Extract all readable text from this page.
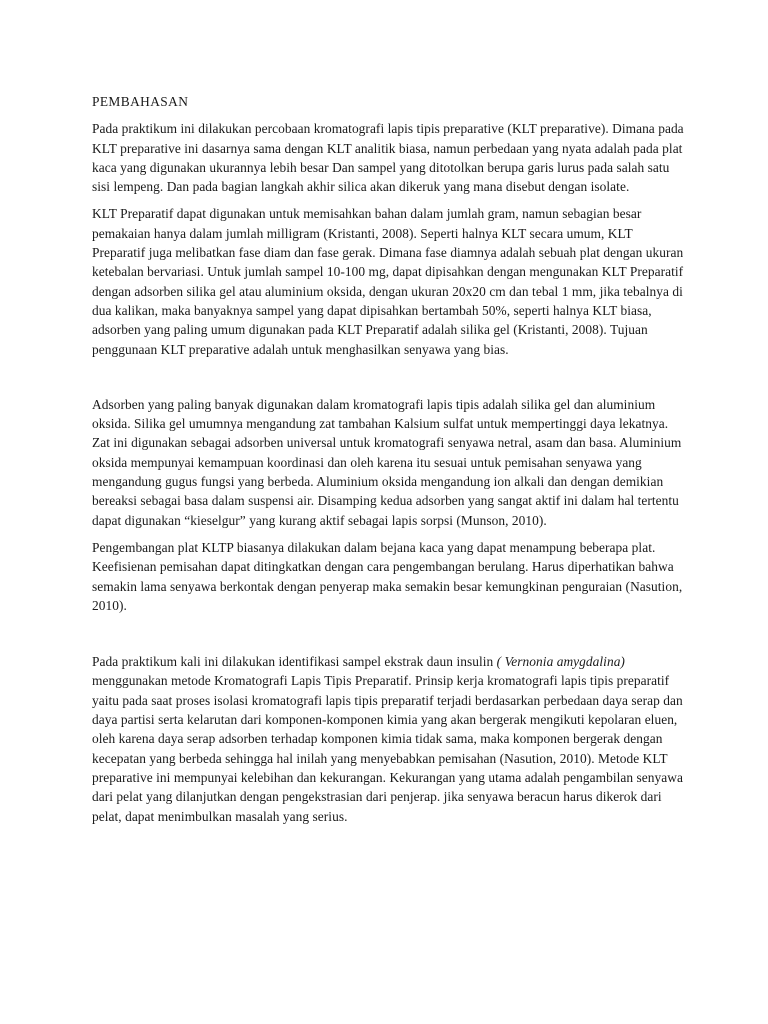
PEMBAHASAN

Pada praktikum ini dilakukan percobaan kromatografi lapis tipis preparative (KLT preparative). Dimana pada KLT preparative ini dasarnya sama dengan KLT analitik biasa, namun perbedaan yang nyata adalah pada plat kaca yang digunakan ukurannya lebih besar Dan sampel yang ditotolkan berupa garis lurus pada salah satu sisi lempeng. Dan pada bagian langkah akhir silica akan dikeruk yang mana disebut dengan isolate.

KLT Preparatif dapat digunakan untuk memisahkan bahan dalam jumlah gram, namun sebagian besar pemakaian hanya dalam jumlah milligram (Kristanti, 2008). Seperti halnya KLT secara umum, KLT Preparatif juga melibatkan fase diam dan fase gerak. Dimana fase diamnya adalah sebuah plat dengan ukuran ketebalan bervariasi. Untuk jumlah sampel 10-100 mg, dapat dipisahkan dengan mengunakan KLT Preparatif dengan adsorben silika gel atau aluminium oksida, dengan ukuran 20x20 cm dan tebal 1 mm, jika tebalnya di dua kalikan, maka banyaknya sampel yang dapat dipisahkan bertambah 50%, seperti halnya KLT biasa, adsorben yang paling umum digunakan pada KLT Preparatif adalah silika gel (Kristanti, 2008). Tujuan penggunaan KLT preparative adalah untuk menghasilkan senyawa yang bias.

Adsorben yang paling banyak digunakan dalam kromatografi lapis tipis adalah silika gel dan aluminium oksida. Silika gel umumnya mengandung zat tambahan Kalsium sulfat untuk mempertinggi daya lekatnya. Zat ini digunakan sebagai adsorben universal untuk kromatografi senyawa netral, asam dan basa. Aluminium oksida mempunyai kemampuan koordinasi dan oleh karena itu sesuai untuk pemisahan senyawa yang mengandung gugus fungsi yang berbeda. Aluminium oksida mengandung ion alkali dan dengan demikian bereaksi sebagai basa dalam suspensi air. Disamping kedua adsorben yang sangat aktif ini dalam hal tertentu dapat digunakan “kieselgur” yang kurang aktif sebagai lapis sorpsi (Munson, 2010).

Pengembangan plat KLTP biasanya dilakukan dalam bejana kaca yang dapat menampung beberapa plat. Keefisienan pemisahan dapat ditingkatkan dengan cara pengembangan berulang. Harus diperhatikan bahwa semakin lama senyawa berkontak dengan penyerap maka semakin besar kemungkinan penguraian (Nasution, 2010).

Pada praktikum kali ini dilakukan identifikasi sampel ekstrak daun insulin ( Vernonia amygdalina) menggunakan metode Kromatografi Lapis Tipis Preparatif. Prinsip kerja kromatografi lapis tipis preparatif yaitu pada saat proses isolasi kromatografi lapis tipis preparatif terjadi berdasarkan perbedaan daya serap dan daya partisi serta kelarutan dari komponen-komponen kimia yang akan bergerak mengikuti kepolaran eluen, oleh karena daya serap adsorben terhadap komponen kimia tidak sama, maka komponen bergerak dengan kecepatan yang berbeda sehingga hal inilah yang menyebabkan pemisahan (Nasution, 2010). Metode KLT preparative ini mempunyai kelebihan dan kekurangan. Kekurangan yang utama adalah pengambilan senyawa dari pelat yang dilanjutkan dengan pengekstrasian dari penjerap. jika senyawa beracun harus dikerok dari pelat, dapat menimbulkan masalah yang serius.
